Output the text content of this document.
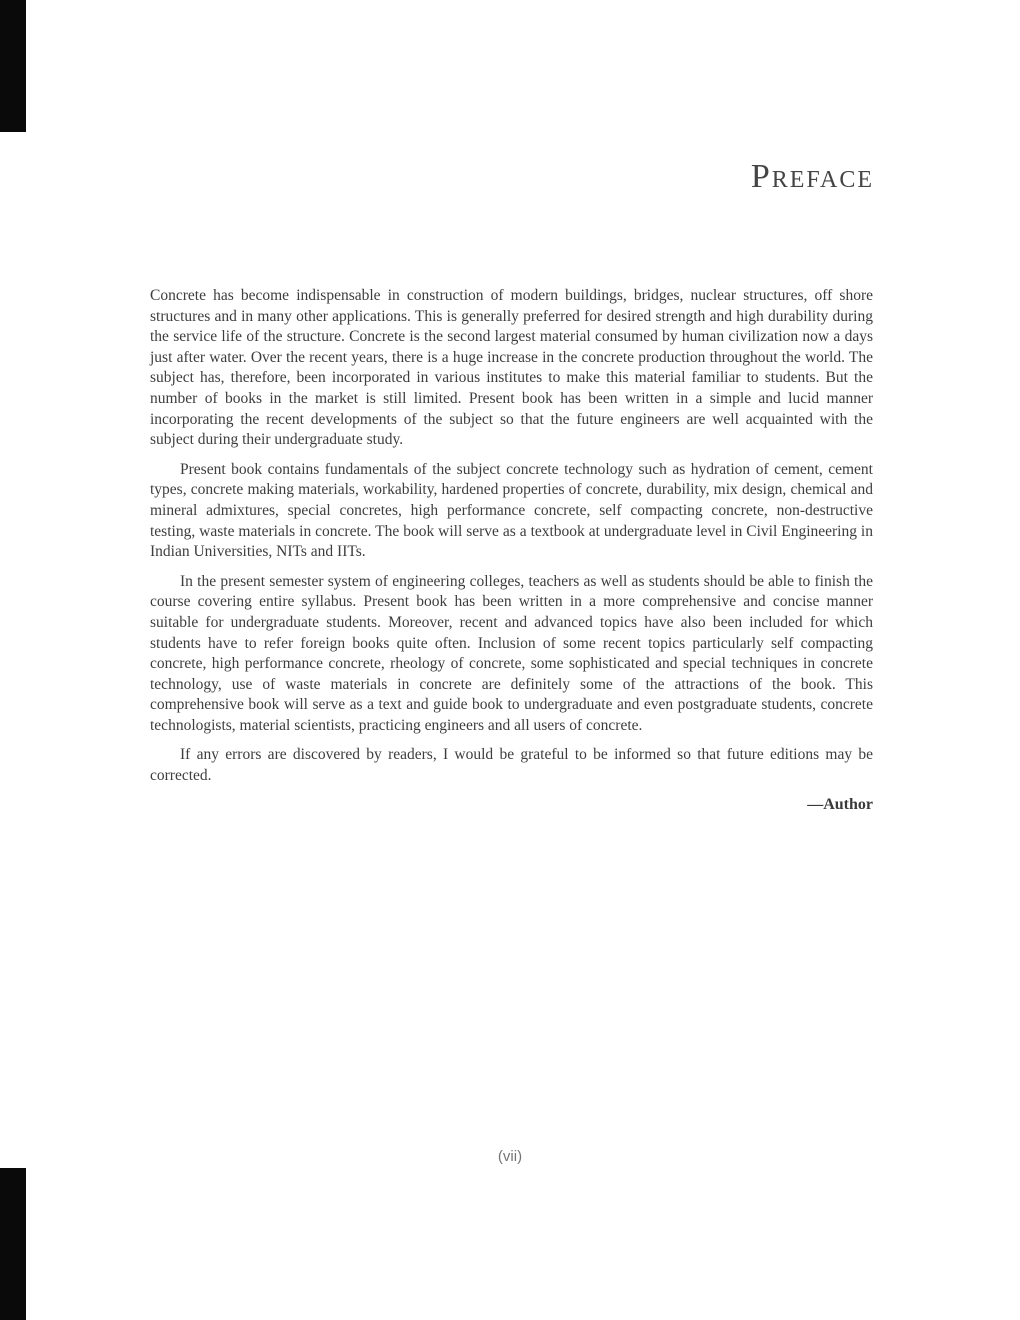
Preface

Concrete has become indispensable in construction of modern buildings, bridges, nuclear structures, off shore structures and in many other applications. This is generally preferred for desired strength and high durability during the service life of the structure. Concrete is the second largest material consumed by human civilization now a days just after water. Over the recent years, there is a huge increase in the concrete production throughout the world. The subject has, therefore, been incorporated in various institutes to make this material familiar to students. But the number of books in the market is still limited. Present book has been written in a simple and lucid manner incorporating the recent developments of the subject so that the future engineers are well acquainted with the subject during their undergraduate study.

Present book contains fundamentals of the subject concrete technology such as hydration of cement, cement types, concrete making materials, workability, hardened properties of concrete, durability, mix design, chemical and mineral admixtures, special concretes, high performance concrete, self compacting concrete, non-destructive testing, waste materials in concrete. The book will serve as a textbook at undergraduate level in Civil Engineering in Indian Universities, NITs and IITs.

In the present semester system of engineering colleges, teachers as well as students should be able to finish the course covering entire syllabus. Present book has been written in a more comprehensive and concise manner suitable for undergraduate students. Moreover, recent and advanced topics have also been included for which students have to refer foreign books quite often. Inclusion of some recent topics particularly self compacting concrete, high performance concrete, rheology of concrete, some sophisticated and special techniques in concrete technology, use of waste materials in concrete are definitely some of the attractions of the book. This comprehensive book will serve as a text and guide book to undergraduate and even postgraduate students, concrete technologists, material scientists, practicing engineers and all users of concrete.

If any errors are discovered by readers, I would be grateful to be informed so that future editions may be corrected.

—Author
(vii)
